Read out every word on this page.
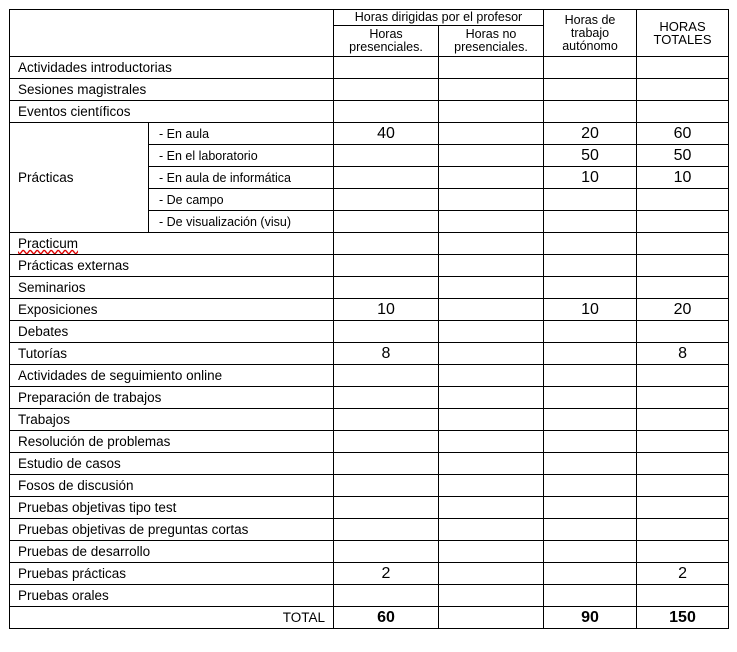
		Horas dirigidas por el profesor		Horas de trabajo autónomo	HORAS TOTALES
		Horas presenciales.	Horas no presenciales.		
Actividades introductorias					
Sesiones magistrales					
Eventos científicos					
Prácticas	- En aula	40		20	60
	- En el laboratorio			50	50
	- En aula de informática			10	10
	- De campo				
	- De visualización (visu)				
Practicum					
Prácticas externas					
Seminarios					
Exposiciones		10		10	20
Debates					
Tutorías		8			8
Actividades de seguimiento online					
Preparación de trabajos					
Trabajos					
Resolución de problemas					
Estudio de casos					
Fosos de discusión					
Pruebas objetivas tipo test					
Pruebas objetivas de preguntas cortas					
Pruebas de desarrollo					
Pruebas prácticas		2			2
Pruebas orales					
TOTAL		60		90	150
